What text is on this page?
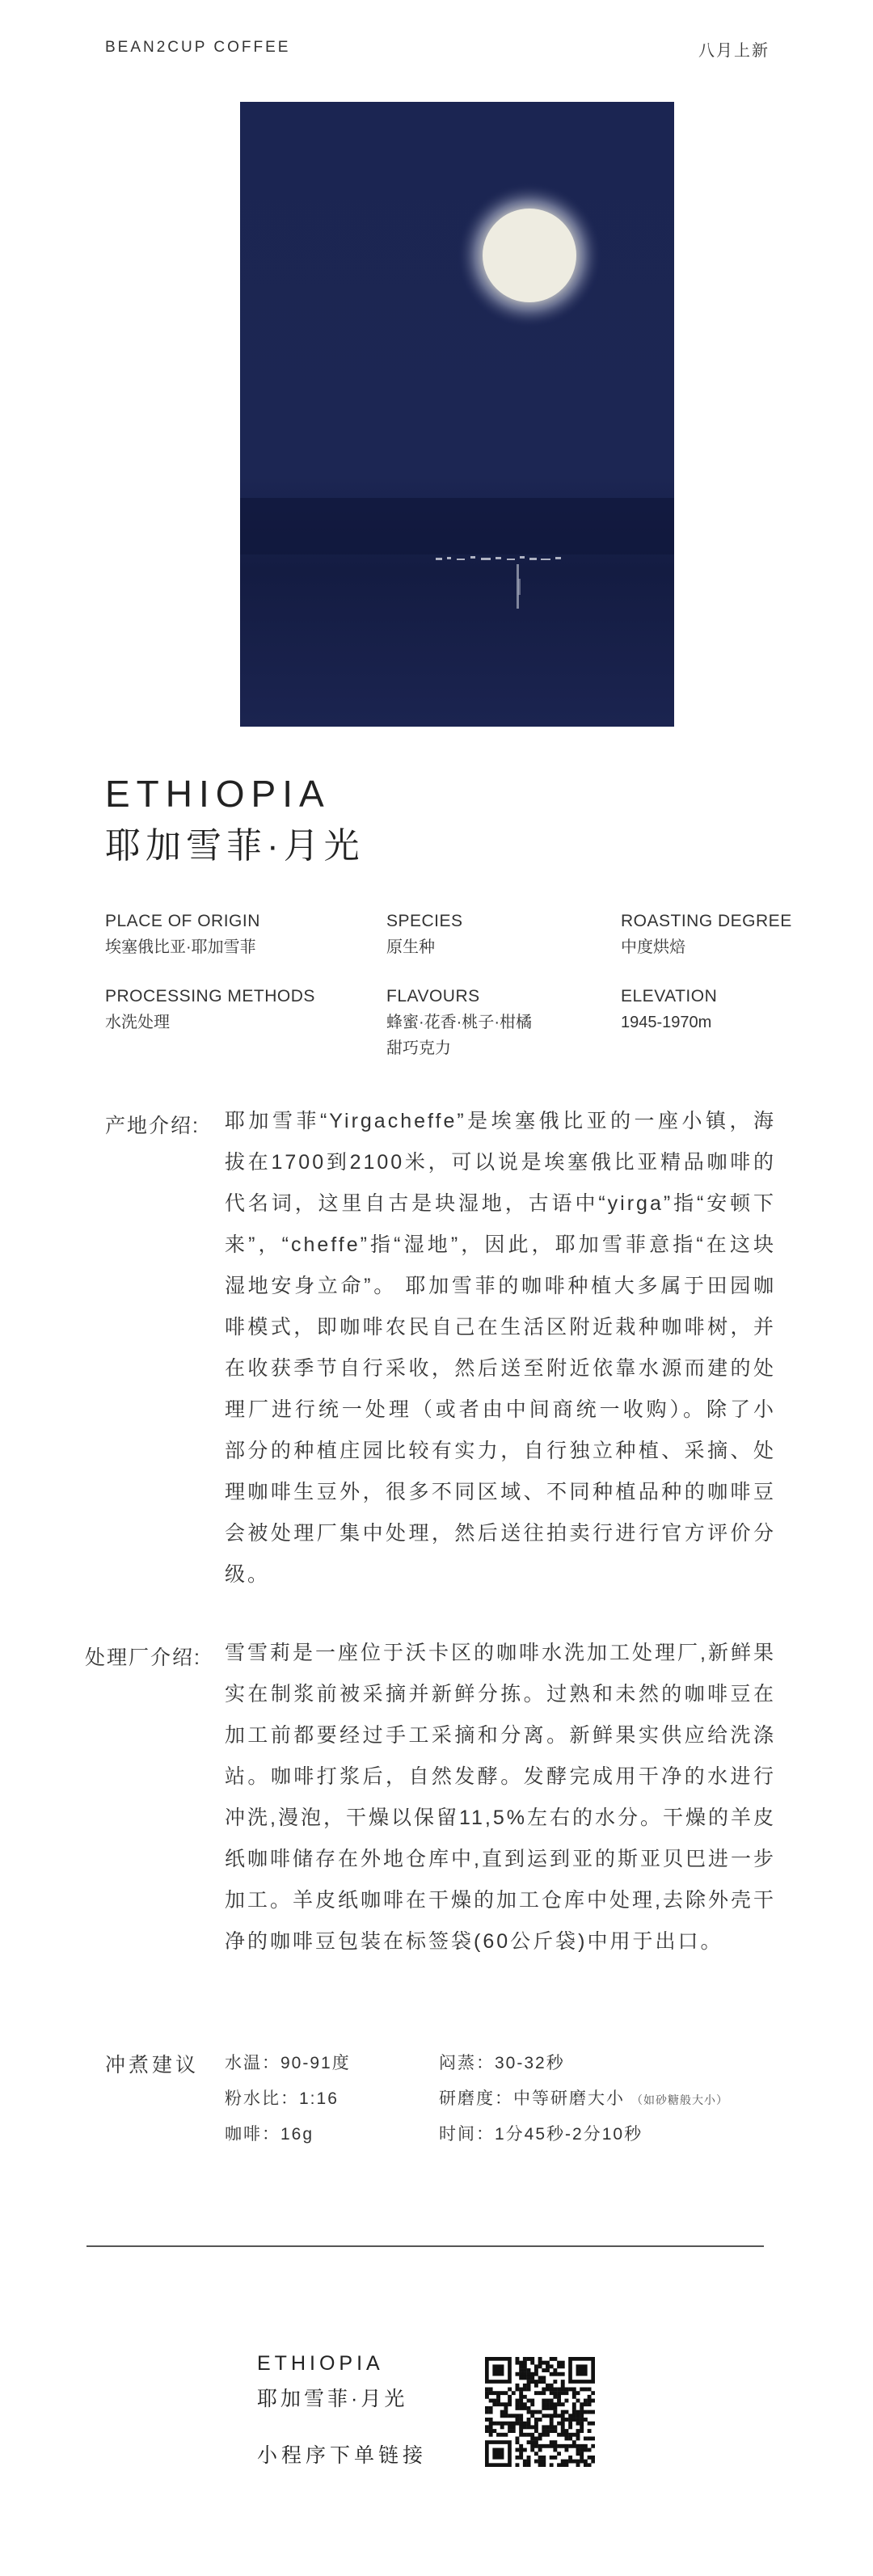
BEAN2CUP COFFEE	八月上新
ETHIOPIA
耶加雪菲·月光
PLACE OF ORIGIN
埃塞俄比亚·耶加雪菲
SPECIES
原生种
ROASTING DEGREE
中度烘焙
PROCESSING METHODS
水洗处理
FLAVOURS
蜂蜜·花香·桃子·柑橘
甜巧克力
ELEVATION
1945-1970m
产地介绍: 耶加雪菲“Yirgacheffe”是埃塞俄比亚的一座小镇，海拔在1700到2100米，可以说是埃塞俄比亚精品咖啡的代名词，这里自古是块湿地，古语中“yirga”指“安顿下来”，“cheffe”指“湿地”，因此，耶加雪菲意指“在这块湿地安身立命”。 耶加雪菲的咖啡种植大多属于田园咖啡模式，即咖啡农民自己在生活区附近栽种咖啡树，并在收获季节自行采收，然后送至附近依靠水源而建的处理厂进行统一处理（或者由中间商统一收购）。除了小部分的种植庄园比较有实力，自行独立种植、采摘、处理咖啡生豆外，很多不同区域、不同种植品种的咖啡豆会被处理厂集中处理，然后送往拍卖行进行官方评价分级。

处理厂介绍: 雪雪莉是一座位于沃卡区的咖啡水洗加工处理厂,新鲜果实在制浆前被采摘并新鲜分拣。过熟和未然的咖啡豆在加工前都要经过手工采摘和分离。新鲜果实供应给洗涤站。咖啡打浆后，自然发酵。发酵完成用干净的水进行冲洗,漫泡，干燥以保留11,5%左右的水分。干燥的羊皮纸咖啡储存在外地仓库中,直到运到亚的斯亚贝巴进一步加工。羊皮纸咖啡在干燥的加工仓库中处理,去除外壳干净的咖啡豆包装在标签袋(60公斤袋)中用于出口。

冲煮建议 水温：90-91度
粉水比：1:16
咖啡：16g
闷蒸：30-32秒
研磨度：中等研磨大小 （如砂糖般大小）
时间：1分45秒-2分10秒
ETHIOPIA
耶加雪菲·月光
小程序下单链接
